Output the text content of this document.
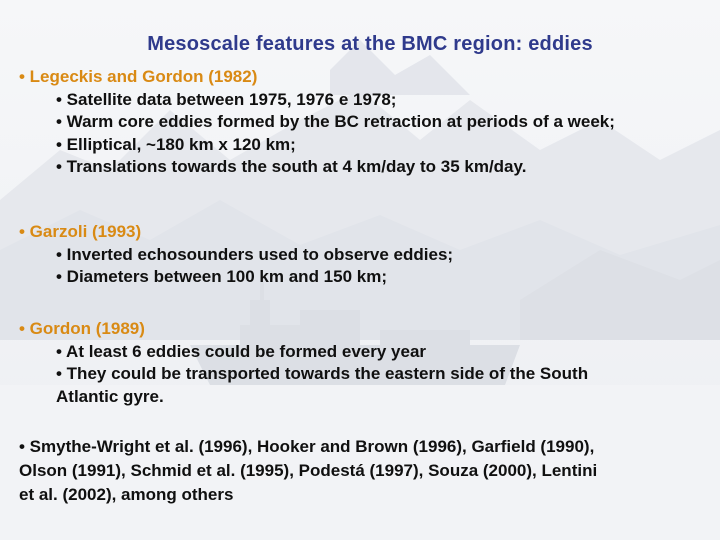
Mesoscale features at the BMC region: eddies
• Legeckis and Gordon (1982)
• Satellite data between 1975, 1976 e 1978;
• Warm core eddies formed by the BC retraction at periods of a week;
• Elliptical, ~180 km x 120 km;
• Translations towards the south at 4 km/day to 35 km/day.
• Garzoli (1993)
• Inverted echosounders used to observe eddies;
• Diameters between 100 km and 150 km;
• Gordon (1989)
• At least 6 eddies could be formed every year
• They could be transported towards the eastern side of the South
Atlantic gyre.
• Smythe-Wright et al. (1996), Hooker and Brown (1996), Garfield (1990),
Olson (1991), Schmid et al. (1995), Podestá (1997), Souza (2000), Lentini
et al. (2002), among others
